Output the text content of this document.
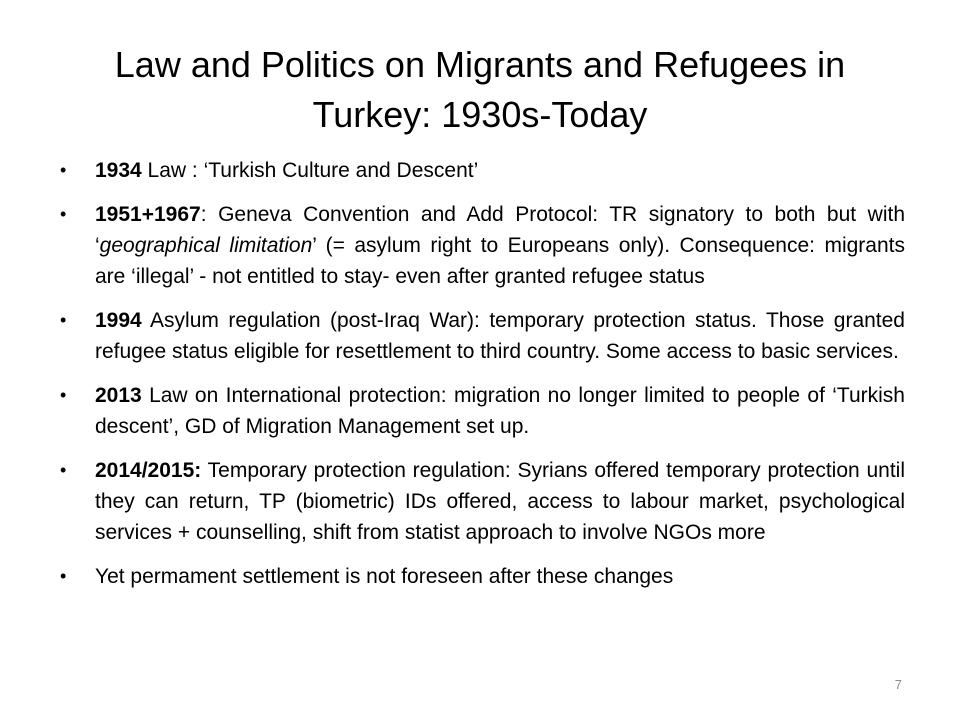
Law and Politics on Migrants and Refugees in Turkey: 1930s-Today
• 1934 Law : ‘Turkish Culture and Descent’
• 1951+1967: Geneva Convention and Add Protocol: TR signatory to both but with ‘geographical limitation’ (= asylum right to Europeans only). Consequence: migrants are ‘illegal’ - not entitled to stay- even after granted refugee status
• 1994 Asylum regulation (post-Iraq War): temporary protection status. Those granted refugee status eligible for resettlement to third country. Some access to basic services.
• 2013 Law on International protection: migration no longer limited to people of ‘Turkish descent’, GD of Migration Management set up.
• 2014/2015: Temporary protection regulation: Syrians offered temporary protection until they can return, TP (biometric) IDs offered, access to labour market, psychological services + counselling, shift from statist approach to involve NGOs more
• Yet permament settlement is not foreseen after these changes
7
